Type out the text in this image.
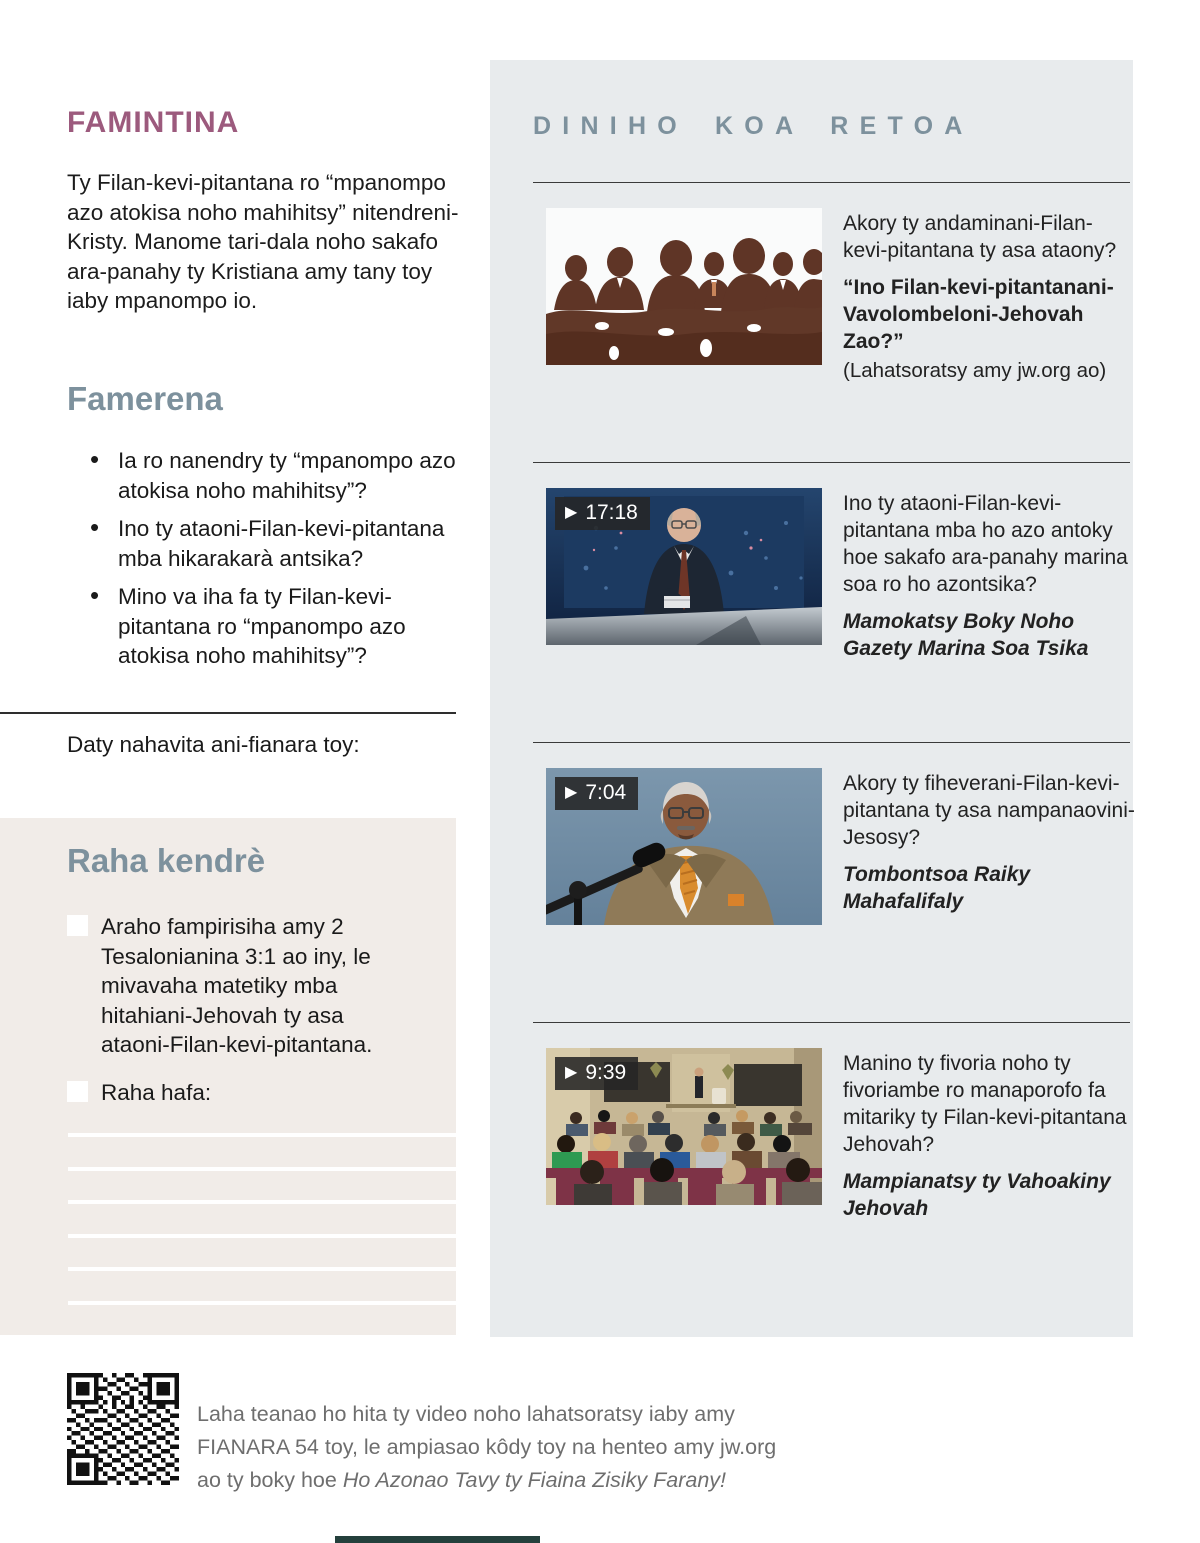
FAMINTINA
Ty Filan-kevi-pitantana ro “mpanompo azo atokisa noho mahihitsy” nitendreni-Kristy. Manome tari-dala noho sakafo ara-panahy ty Kristiana amy tany toy iaby mpanompo io.
Famerena
• Ia ro nanendry ty “mpanompo azo atokisa noho mahihitsy”?
• Ino ty ataoni-Filan-kevi-pitantana mba hikarakarà antsika?
• Mino va iha fa ty Filan-kevi-pitantana ro “mpanompo azo atokisa noho mahihitsy”?
Daty nahavita ani-fianara toy:
Raha kendrè
Araho fampirisiha amy 2 Tesalonianina 3:1 ao iny, le mivavaha matetiky mba hitahiani-Jehovah ty asa ataoni-Filan-kevi-pitantana.
Raha hafa:
DINIHO KOA RETOA

Akory ty andaminani-Filan-kevi-pitantana ty asa ataony?

“Ino Filan-kevi-pitantanani-Vavolombeloni-Jehovah Zao?”

(Lahatsoratsy amy jw.org ao)

▶ 17:18	Ino ty ataoni-Filan-kevi-pitantana mba ho azo antoky hoe sakafo ara-panahy marina soa ro ho azontsika?

Mamokatsy Boky Noho Gazety Marina Soa Tsika

▶ 7:04	Akory ty fiheverani-Filan-kevi-pitantana ty asa nampanaovini-Jesosy?

Tombontsoa Raiky Mahafalifaly

▶ 9:39	Manino ty fivoria noho ty fivoriambe ro manaporofo fa mitariky ty Filan-kevi-pitantana Jehovah?

Mampianatsy ty Vahoakiny Jehovah

Laha teanao ho hita ty video noho lahatsoratsy iaby amy FIANARA 54 toy, le ampiasao kôdy toy na henteo amy jw.org ao ty boky hoe Ho Azonao Tavy ty Fiaina Zisiky Farany!
